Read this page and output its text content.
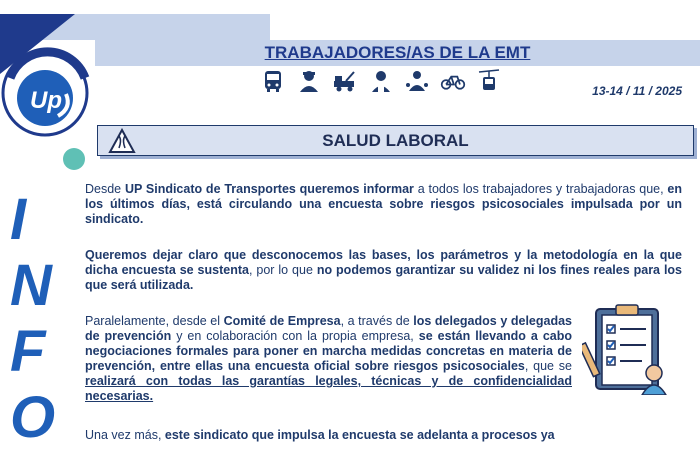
TRABAJADORES/AS DE LA EMT
Up	13-14 / 11 / 2025
SALUD LABORAL
I
N
F
O
Desde UP Sindicato de Transportes queremos informar a todos los trabajadores y trabajadoras que, en los últimos días, está circulando una encuesta sobre riesgos psicosociales impulsada por un sindicato.
Queremos dejar claro que desconocemos las bases, los parámetros y la metodología en la que dicha encuesta se sustenta, por lo que no podemos garantizar su validez ni los fines reales para los que será utilizada.
Paralelamente, desde el Comité de Empresa, a través de los delegados y delegadas de prevención y en colaboración con la propia empresa, se están llevando a cabo negociaciones formales para poner en marcha medidas concretas en materia de prevención, entre ellas una encuesta oficial sobre riesgos psicosociales, que se realizará con todas las garantías legales, técnicas y de confidencialidad necesarias.
Una vez más, este sindicato que impulsa la encuesta se adelanta a procesos ya
